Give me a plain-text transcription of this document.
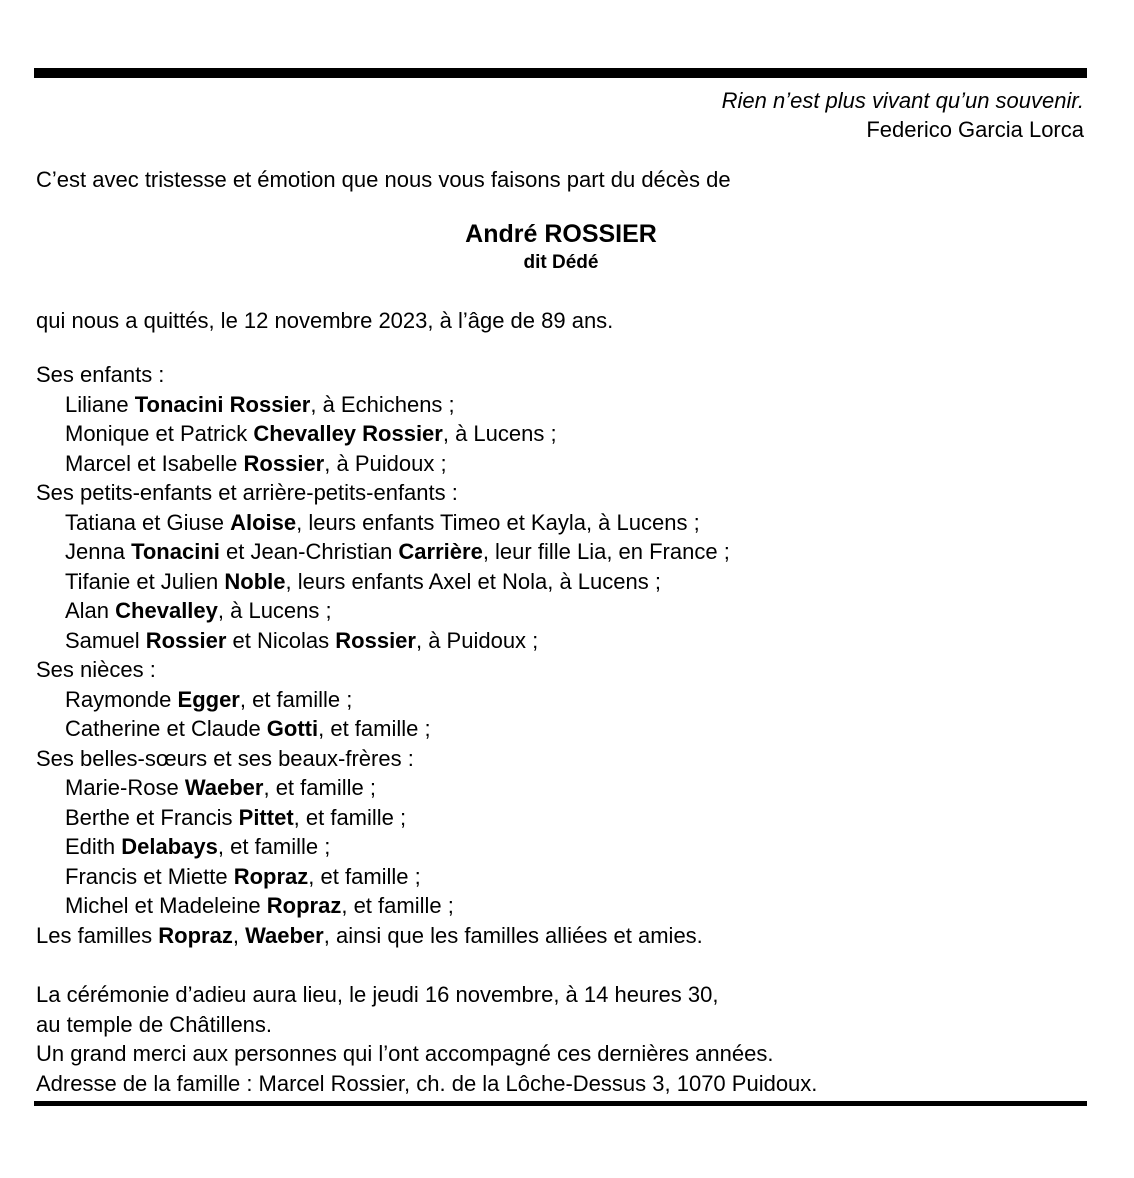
Rien n’est plus vivant qu’un souvenir.
Federico Garcia Lorca
C’est avec tristesse et émotion que nous vous faisons part du décès de
André ROSSIER
dit Dédé
qui nous a quittés, le 12 novembre 2023, à l’âge de 89 ans.
Ses enfants :
Liliane Tonacini Rossier, à Echichens ;
Monique et Patrick Chevalley Rossier, à Lucens ;
Marcel et Isabelle Rossier, à Puidoux ;
Ses petits-enfants et arrière-petits-enfants :
Tatiana et Giuse Aloise, leurs enfants Timeo et Kayla, à Lucens ;
Jenna Tonacini et Jean-Christian Carrière, leur fille Lia, en France ;
Tifanie et Julien Noble, leurs enfants Axel et Nola, à Lucens ;
Alan Chevalley, à Lucens ;
Samuel Rossier et Nicolas Rossier, à Puidoux ;
Ses nièces :
Raymonde Egger, et famille ;
Catherine et Claude Gotti, et famille ;
Ses belles-sœurs et ses beaux-frères :
Marie-Rose Waeber, et famille ;
Berthe et Francis Pittet, et famille ;
Edith Delabays, et famille ;
Francis et Miette Ropraz, et famille ;
Michel et Madeleine Ropraz, et famille ;
Les familles Ropraz, Waeber, ainsi que les familles alliées et amies.
La cérémonie d’adieu aura lieu, le jeudi 16 novembre, à 14 heures 30,
au temple de Châtillens.
Un grand merci aux personnes qui l’ont accompagné ces dernières années.
Adresse de la famille : Marcel Rossier, ch. de la Lôche-Dessus 3, 1070 Puidoux.
